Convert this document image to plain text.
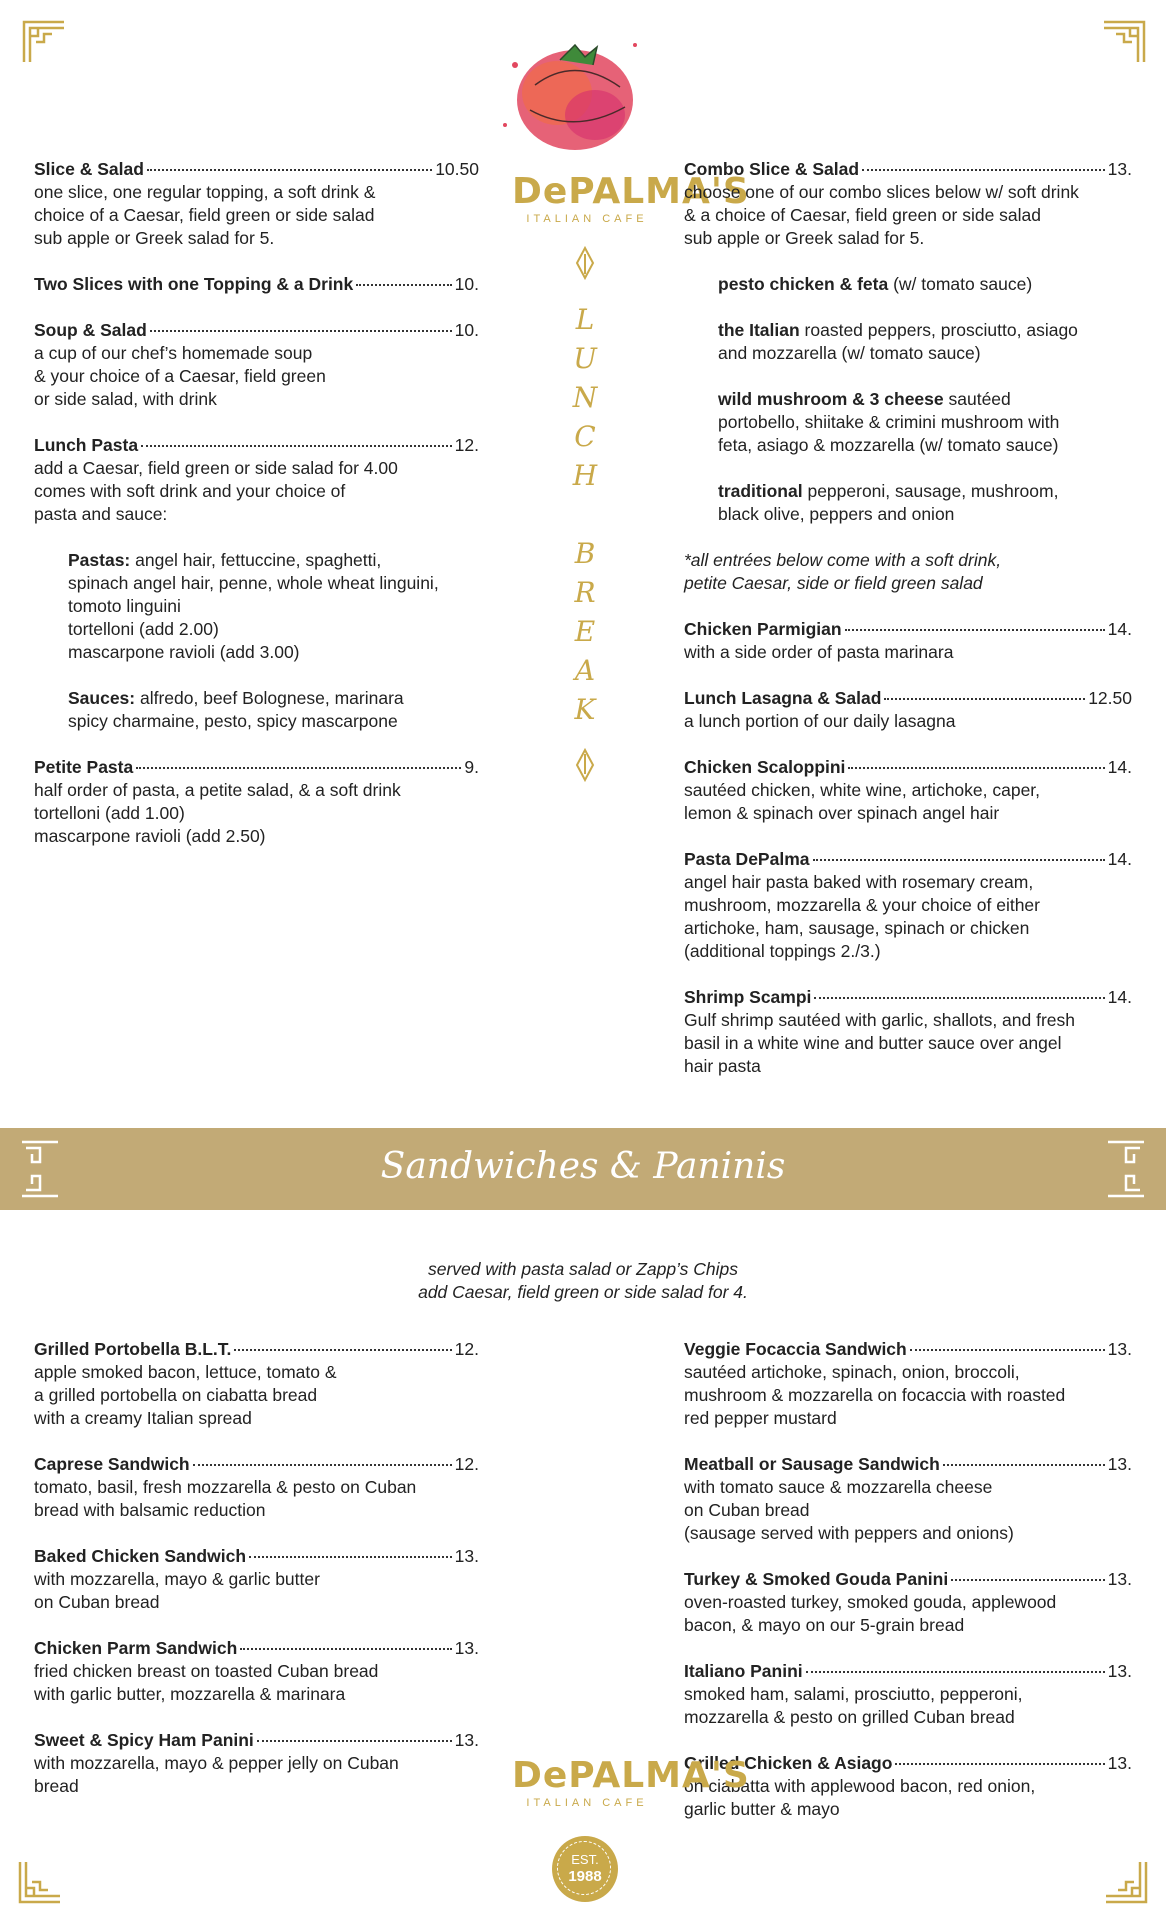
DePALMA'S
ITALIAN CAFE
L
U
N
C
H
B
R
E
A
K
Slice & Salad	10.50
one slice, one regular topping, a soft drink &
choice of a Caesar, field green or side salad
sub apple or Greek salad for 5.
Two Slices with one Topping & a Drink	10.
Soup & Salad	10.
a cup of our chef’s homemade soup
& your choice of a Caesar, field green
or side salad, with drink
Lunch Pasta	12.
add a Caesar, field green or side salad for 4.00
comes with soft drink and your choice of
pasta and sauce:
Pastas: angel hair, fettuccine, spaghetti,
spinach angel hair, penne, whole wheat linguini,
tomoto linguini
tortelloni (add 2.00)
mascarpone ravioli (add 3.00)
Sauces: alfredo, beef Bolognese, marinara
spicy charmaine, pesto, spicy mascarpone
Petite Pasta	9.
half order of pasta, a petite salad, & a soft drink
tortelloni (add 1.00)
mascarpone ravioli (add 2.50)
Combo Slice & Salad	13.
choose one of our combo slices below w/ soft drink
& a choice of Caesar, field green or side salad
sub apple or Greek salad for 5.
pesto chicken & feta (w/ tomato sauce)
the Italian roasted peppers, prosciutto, asiago
and mozzarella (w/ tomato sauce)
wild mushroom & 3 cheese sautéed
portobello, shiitake & crimini mushroom with
feta, asiago & mozzarella (w/ tomato sauce)
traditional pepperoni, sausage, mushroom,
black olive, peppers and onion
*all entrées below come with a soft drink,
petite Caesar, side or field green salad
Chicken Parmigian	14.
with a side order of pasta marinara
Lunch Lasagna & Salad	12.50
a lunch portion of our daily lasagna
Chicken Scaloppini	14.
sautéed chicken, white wine, artichoke, caper,
lemon & spinach over spinach angel hair
Pasta DePalma	14.
angel hair pasta baked with rosemary cream,
mushroom, mozzarella & your choice of either
artichoke, ham, sausage, spinach or chicken
(additional toppings 2./3.)
Shrimp Scampi	14.
Gulf shrimp sautéed with garlic, shallots, and fresh
basil in a white wine and butter sauce over angel
hair pasta
Sandwiches & Paninis
served with pasta salad or Zapp’s Chips
add Caesar, field green or side salad for 4.
Grilled Portobella B.L.T.	12.
apple smoked bacon, lettuce, tomato &
a grilled portobella on ciabatta bread
with a creamy Italian spread
Caprese Sandwich	12.
tomato, basil, fresh mozzarella & pesto on Cuban
bread with balsamic reduction
Baked Chicken Sandwich	13.
with mozzarella, mayo & garlic butter
on Cuban bread
Chicken Parm Sandwich	13.
fried chicken breast on toasted Cuban bread
with garlic butter, mozzarella & marinara
Sweet & Spicy Ham Panini	13.
with mozzarella, mayo & pepper jelly on Cuban
bread
Veggie Focaccia Sandwich	13.
sautéed artichoke, spinach, onion, broccoli,
mushroom & mozzarella on focaccia with roasted
red pepper mustard
Meatball or Sausage Sandwich	13.
with tomato sauce & mozzarella cheese
on Cuban bread
(sausage served with peppers and onions)
Turkey & Smoked Gouda Panini	13.
oven-roasted turkey, smoked gouda, applewood
bacon, & mayo on our 5-grain bread
Italiano Panini	13.
smoked ham, salami, prosciutto, pepperoni,
mozzarella & pesto on grilled Cuban bread
Grilled Chicken & Asiago	13.
on ciabatta with applewood bacon, red onion,
garlic butter & mayo
DePALMA'S
ITALIAN CAFE
EST.
1988
